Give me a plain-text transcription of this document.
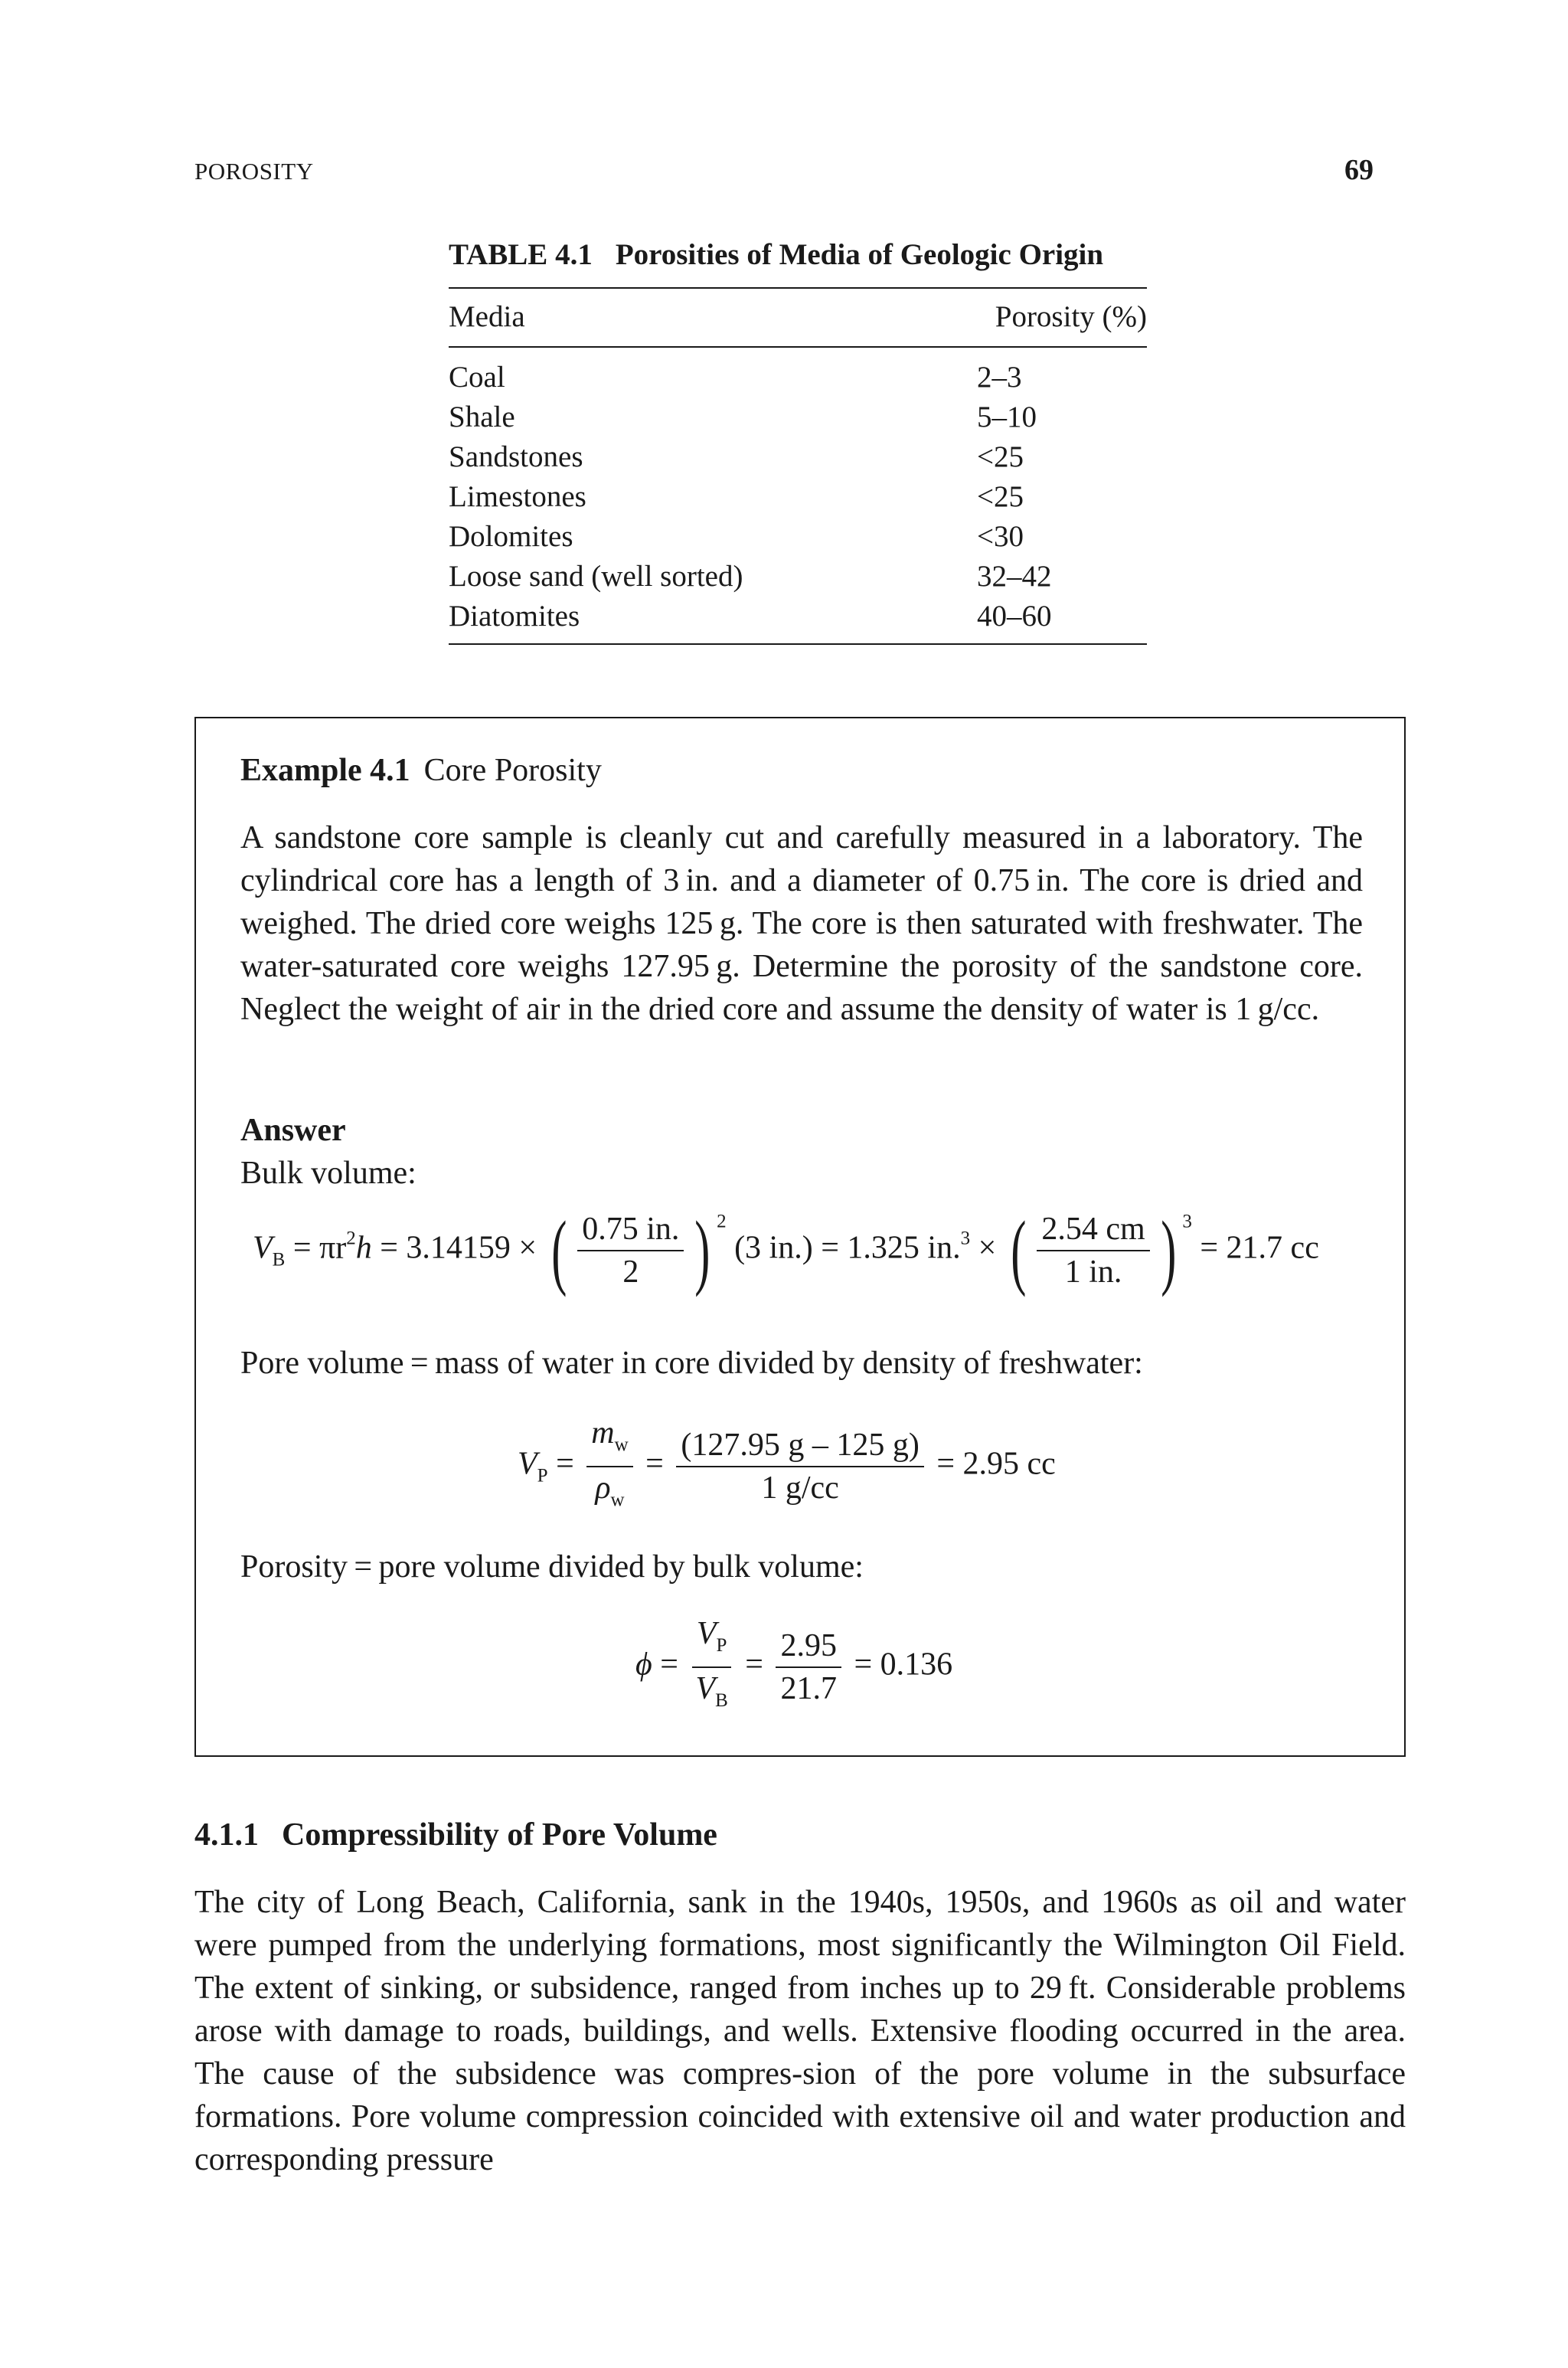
POROSITY	69
TABLE 4.1 Porosities of Media of Geologic Origin
Media	Porosity (%)
Coal	2–3
Shale	5–10
Sandstones	<25
Limestones	<25
Dolomites	<30
Loose sand (well sorted)	32–42
Diatomites	40–60
Example 4.1 Core Porosity
A sandstone core sample is cleanly cut and carefully measured in a laboratory. The cylindrical core has a length of 3 in. and a diameter of 0.75 in. The core is dried and weighed. The dried core weighs 125 g. The core is then saturated with freshwater. The water-saturated core weighs 127.95 g. Determine the porosity of the sandstone core. Neglect the weight of air in the dried core and assume the density of water is 1 g/cc.
Answer
Bulk volume:
$V_B = \pi r^2h = 3.14159$ × ( $\frac{0.75 in.}{2}$ ) $^2$ (3 in.) = 1.325 in.$^3$ × ( $\frac{2.54 cm}{1 in.}$ ) $^3$ = 21.7 cc
Pore volume = mass of water in core divided by density of freshwater:
$V_P = \frac{m_w}{\rho_w} = \frac{(127.95 g - 125 g)}{1 g/cc} = 2.95$ cc
Porosity = pore volume divided by bulk volume:
$\phi = \frac{V_P}{V_B} = \frac{2.95}{21.7} = 0.136$
4.1.1 Compressibility of Pore Volume
The city of Long Beach, California, sank in the 1940s, 1950s, and 1960s as oil and water were pumped from the underlying formations, most significantly the Wilmington Oil Field. The extent of sinking, or subsidence, ranged from inches up to 29 ft. Considerable problems arose with damage to roads, buildings, and wells. Extensive flooding occurred in the area. The cause of the subsidence was compres-sion of the pore volume in the subsurface formations. Pore volume compression coincided with extensive oil and water production and corresponding pressure
